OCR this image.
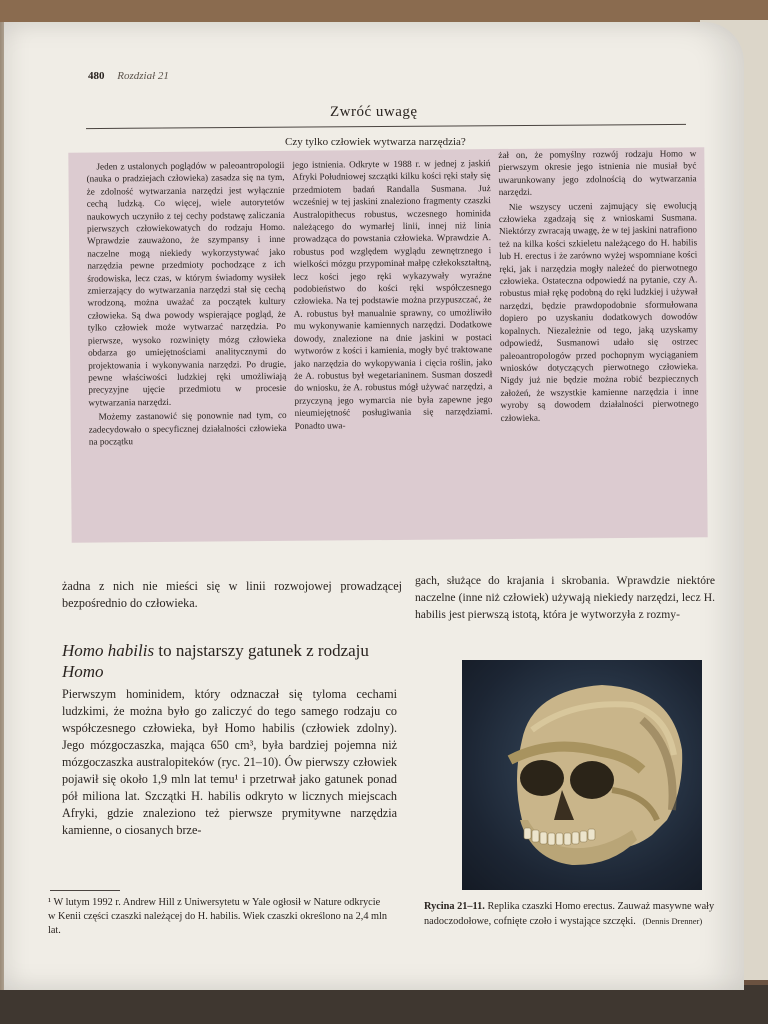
480 Rozdział 21
Zwróć uwagę
Czy tylko człowiek wytwarza narzędzia?

Jeden z ustalonych poglądów w paleoantropologii (nauka o pradziejach człowieka) zasadza się na tym, że zdolność wytwarzania narzędzi jest wyłącznie cechą ludzką. Co więcej, wiele autorytetów naukowych uczyniło z tej cechy podstawę zaliczania pierwszych człowiekowatych do rodzaju Homo. Wprawdzie zauważono, że szympansy i inne naczelne mogą niekiedy wykorzystywać jako narzędzia pewne przedmioty pochodzące z ich środowiska, lecz czas, w którym świadomy wysiłek zmierzający do wytwarzania narzędzi stał się cechą wrodzoną, można uważać za początek kultury człowieka. Są dwa powody wspierające pogląd, że tylko człowiek może wytwarzać narzędzia. Po pierwsze, wysoko rozwinięty mózg człowieka obdarza go umiejętnościami analitycznymi do projektowania i wykonywania narzędzi. Po drugie, pewne właściwości ludzkiej ręki umożliwiają precyzyjne ujęcie przedmiotu w procesie wytwarzania narzędzi.

Możemy zastanowić się ponownie nad tym, co zadecydowało o specyficznej działalności człowieka na początku

jego istnienia. Odkryte w 1988 r. w jednej z jaskiń Afryki Południowej szczątki kilku kości ręki stały się przedmiotem badań Randalla Susmana. Już wcześniej w tej jaskini znaleziono fragmenty czaszki Australopithecus robustus, wczesnego hominida należącego do wymarłej linii, innej niż linia prowadząca do powstania człowieka. Wprawdzie A. robustus pod względem wyglądu zewnętrznego i wielkości mózgu przypominał małpę człekokształtną, lecz kości jego ręki wykazywały wyraźne podobieństwo do kości ręki współczesnego człowieka. Na tej podstawie można przypuszczać, że A. robustus był manualnie sprawny, co umożliwiło mu wykonywanie kamiennych narzędzi. Dodatkowe dowody, znalezione na dnie jaskini w postaci wytworów z kości i kamienia, mogły być traktowane jako narzędzia do wykopywania i cięcia roślin, jako że A. robustus był wegetarianinem. Susman doszedł do wniosku, że A. robustus mógł używać narzędzi, a przyczyną jego wymarcia nie była zapewne jego nieumiejętność posługiwania się narzędziami. Ponadto uwa-

żał on, że pomyślny rozwój rodzaju Homo w pierwszym okresie jego istnienia nie musiał być uwarunkowany jego zdolnością do wytwarzania narzędzi.

Nie wszyscy uczeni zajmujący się ewolucją człowieka zgadzają się z wnioskami Susmana. Niektórzy zwracają uwagę, że w tej jaskini natrafiono też na kilka kości szkieletu należącego do H. habilis lub H. erectus i że zarówno wyżej wspomniane kości ręki, jak i narzędzia mogły należeć do pierwotnego człowieka. Ostateczna odpowiedź na pytanie, czy A. robustus miał rękę podobną do ręki ludzkiej i używał narzędzi, będzie prawdopodobnie sformułowana dopiero po uzyskaniu dodatkowych dowodów kopalnych. Niezależnie od tego, jaką uzyskamy odpowiedź, Susmanowi udało się ostrzec paleoantropologów przed pochopnym wyciąganiem wniosków dotyczących pierwotnego człowieka. Nigdy już nie będzie można robić bezpiecznych założeń, że wszystkie kamienne narzędzia i inne wyroby są dowodem działalności pierwotnego człowieka.

żadna z nich nie mieści się w linii rozwojowej prowadzącej bezpośrednio do człowieka.
gach, służące do krajania i skrobania. Wprawdzie niektóre naczelne (inne niż człowiek) używają niekiedy narzędzi, lecz H. habilis jest pierwszą istotą, która je wytworzyła z rozmy-
Homo habilis to najstarszy gatunek z rodzaju Homo
Pierwszym hominidem, który odznaczał się tyloma cechami ludzkimi, że można było go zaliczyć do tego samego rodzaju co współczesnego człowieka, był Homo habilis (człowiek zdolny). Jego mózgoczaszka, mająca 650 cm³, była bardziej pojemna niż mózgoczaszka australopiteków (ryc. 21–10). Ów pierwszy człowiek pojawił się około 1,9 mln lat temu¹ i przetrwał jako gatunek ponad pół miliona lat. Szczątki H. habilis odkryto w licznych miejscach Afryki, gdzie znaleziono też pierwsze prymitywne narzędzia kamienne, o ciosanych brze-
Rycina 21–11. Replika czaszki Homo erectus. Zauważ masywne wały nadoczodołowe, cofnięte czoło i wystające szczęki. (Dennis Drenner)
¹ W lutym 1992 r. Andrew Hill z Uniwersytetu w Yale ogłosił w Nature odkrycie w Kenii części czaszki należącej do H. habilis. Wiek czaszki określono na 2,4 mln lat.
